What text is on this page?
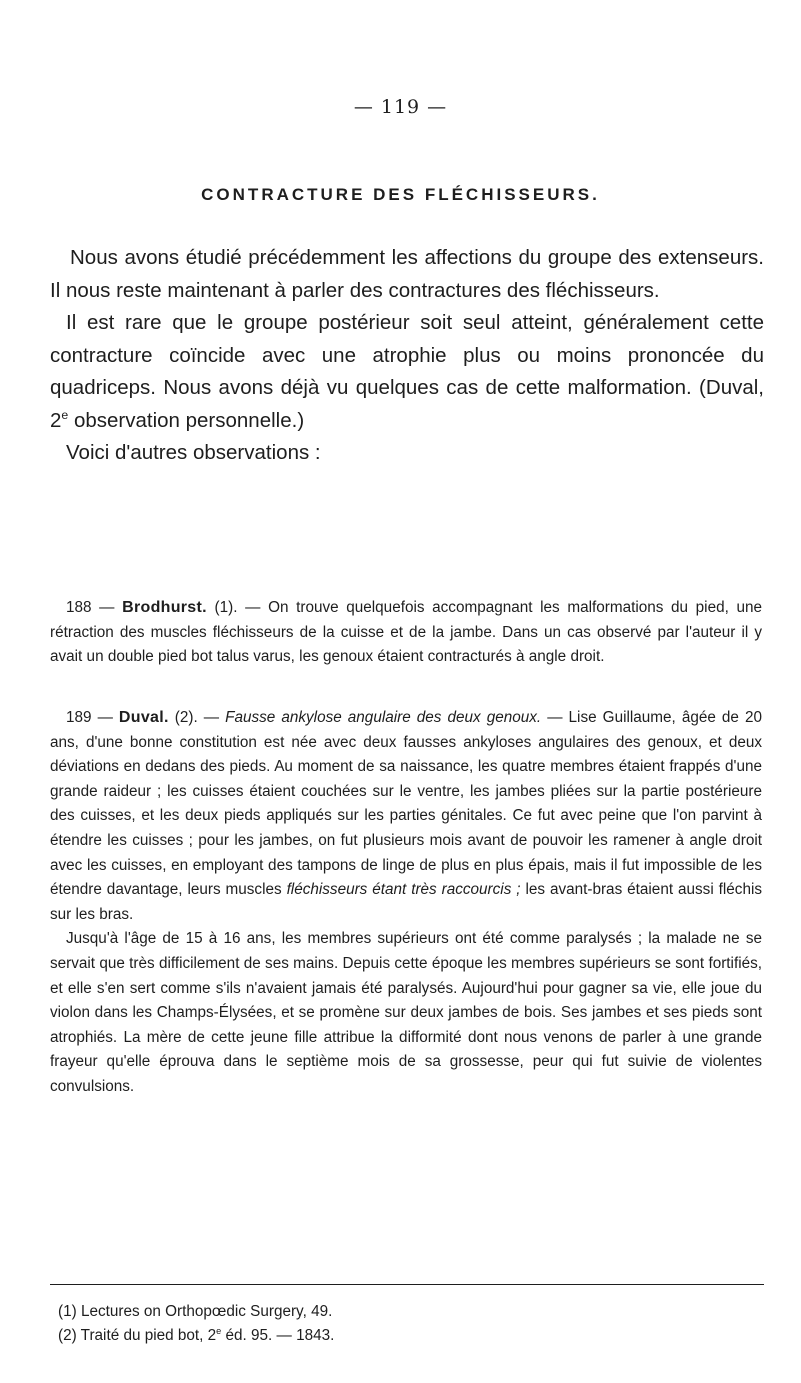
— 119 —
CONTRACTURE DES FLÉCHISSEURS.

Nous avons étudié précédemment les affections du groupe des extenseurs. Il nous reste maintenant à parler des contractures des fléchisseurs.

Il est rare que le groupe postérieur soit seul atteint, généralement cette contracture coïncide avec une atrophie plus ou moins prononcée du quadriceps. Nous avons déjà vu quelques cas de cette malformation. (Duval, 2e observation personnelle.)

Voici d'autres observations :

188 — Brodhurst. (1). — On trouve quelquefois accompagnant les malformations du pied, une rétraction des muscles fléchisseurs de la cuisse et de la jambe. Dans un cas observé par l'auteur il y avait un double pied bot talus varus, les genoux étaient contracturés à angle droit.

189 — Duval. (2). — Fausse ankylose angulaire des deux genoux. — Lise Guillaume, âgée de 20 ans, d'une bonne constitution est née avec deux fausses ankyloses angulaires des genoux, et deux déviations en dedans des pieds. Au moment de sa naissance, les quatre membres étaient frappés d'une grande raideur ; les cuisses étaient couchées sur le ventre, les jambes pliées sur la partie postérieure des cuisses, et les deux pieds appliqués sur les parties génitales. Ce fut avec peine que l'on parvint à étendre les cuisses ; pour les jambes, on fut plusieurs mois avant de pouvoir les ramener à angle droit avec les cuisses, en employant des tampons de linge de plus en plus épais, mais il fut impossible de les étendre davantage, leurs muscles fléchisseurs étant très raccourcis ; les avant-bras étaient aussi fléchis sur les bras.

Jusqu'à l'âge de 15 à 16 ans, les membres supérieurs ont été comme paralysés ; la malade ne se servait que très difficilement de ses mains. Depuis cette époque les membres supérieurs se sont fortifiés, et elle s'en sert comme s'ils n'avaient jamais été paralysés. Aujourd'hui pour gagner sa vie, elle joue du violon dans les Champs-Élysées, et se promène sur deux jambes de bois. Ses jambes et ses pieds sont atrophiés. La mère de cette jeune fille attribue la difformité dont nous venons de parler à une grande frayeur qu'elle éprouva dans le septième mois de sa grossesse, peur qui fut suivie de violentes convulsions.

(1) Lectures on Orthopœdic Surgery, 49.
(2) Traité du pied bot, 2e éd. 95. — 1843.
